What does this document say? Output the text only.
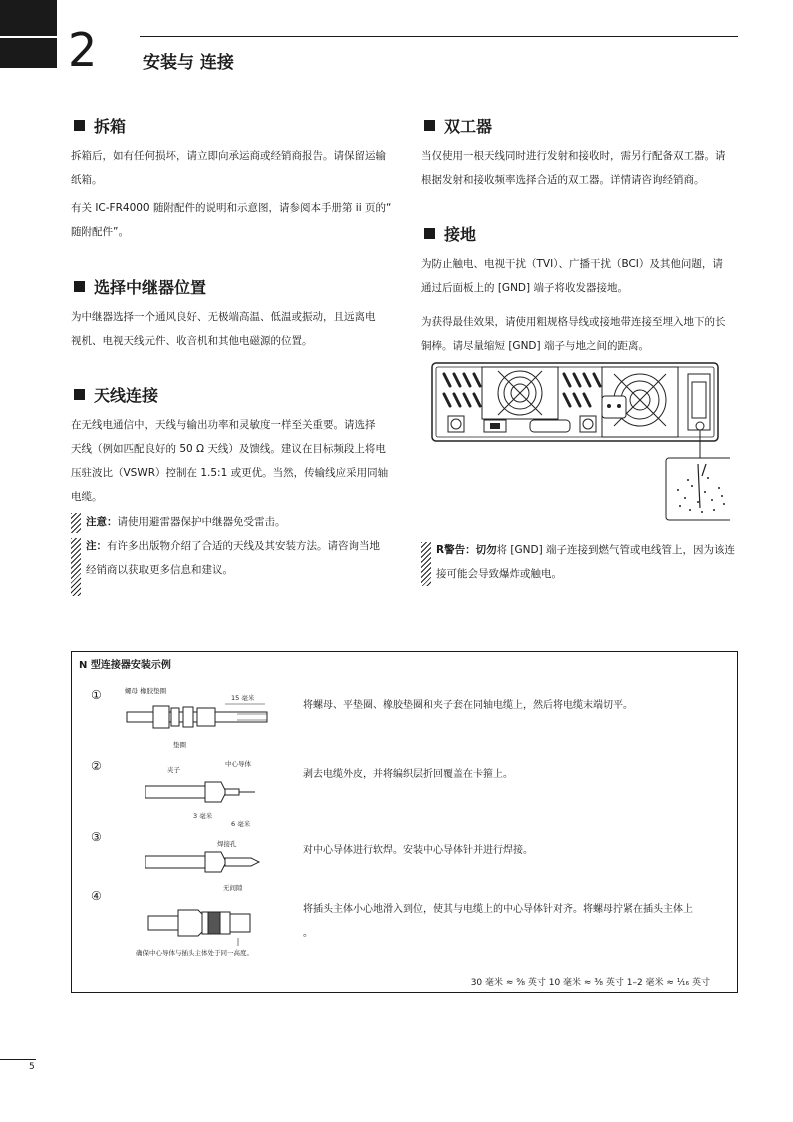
2	安装与 连接
拆箱
拆箱后，如有任何损坏，请立即向承运商或经销商报告。请保留运输
纸箱。
有关 IC-FR4000 随附配件的说明和示意图，请参阅本手册第 ii 页的“
随附配件”。
选择中继器位置
为中继器选择一个通风良好、无极端高温、低温或振动，且远离电
视机、电视天线元件、收音机和其他电磁源的位置。
天线连接
在无线电通信中，天线与输出功率和灵敏度一样至关重要。请选择
天线（例如匹配良好的 50 Ω 天线）及馈线。建议在目标频段上将电
压驻波比（VSWR）控制在 1.5:1 或更优。当然，传输线应采用同轴
电缆。
注意：请使用避雷器保护中继器免受雷击。
注：有许多出版物介绍了合适的天线及其安装方法。请咨询当地
经销商以获取更多信息和建议。
双工器
当仅使用一根天线同时进行发射和接收时，需另行配备双工器。请
根据发射和接收频率选择合适的双工器。详情请咨询经销商。
接地
为防止触电、电视干扰（TVI）、广播干扰（BCI）及其他问题，请
通过后面板上的 [GND] 端子将收发器接地。
为获得最佳效果，请使用粗规格导线或接地带连接至埋入地下的长
铜棒。请尽量缩短 [GND] 端子与地之间的距离。
R警告：切勿将 [GND] 端子连接到燃气管或电线管上，因为该连
接可能会导致爆炸或触电。
N 型连接器安装示例
①	螺母 橡胶垫圈
15 毫米
垫圈
将螺母、平垫圈、橡胶垫圈和夹子套在同轴电缆上，然后将电缆末端切平。
②	夹子
中心导体
3 毫米
6 毫米
剥去电缆外皮，并将编织层折回覆盖在卡箍上。
③	焊接孔
无间隙
对中心导体进行软焊。安装中心导体针并进行焊接。
④
确保中心导体与插头主体处于同一高度。
将插头主体小心地滑入到位，使其与电缆上的中心导体针对齐。将螺母拧紧在插头主体上
。
30 毫米 ≈ ⁹⁄₈ 英寸 10 毫米 ≈ ³⁄₈ 英寸 1–2 毫米 ≈ ¹⁄₁₆ 英寸
5
